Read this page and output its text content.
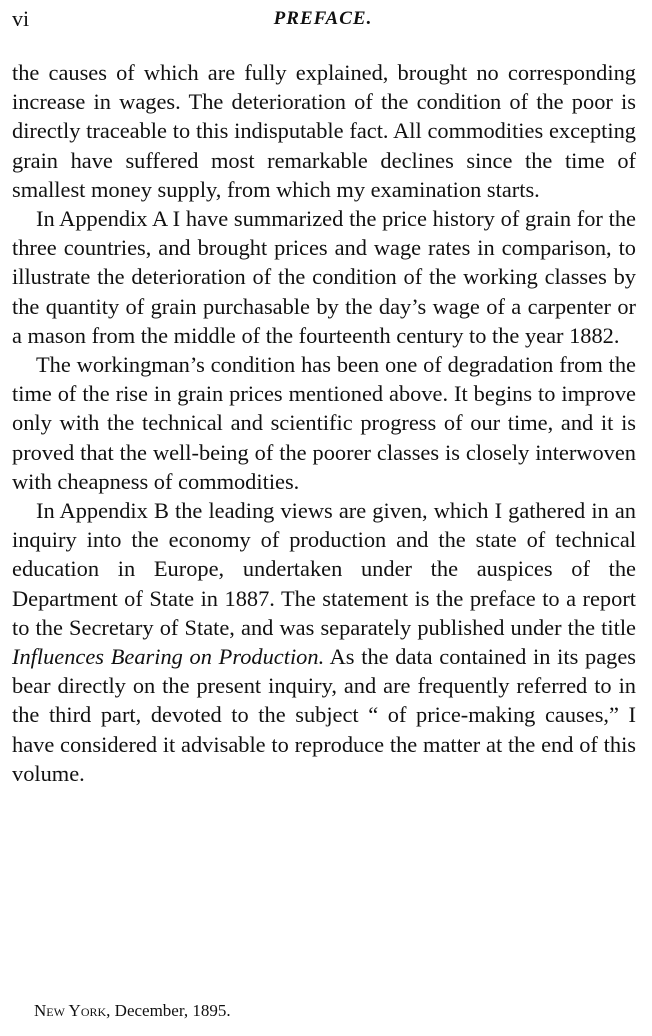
vi	PREFACE.

the causes of which are fully explained, brought no corresponding increase in wages. The deterioration of the condition of the poor is directly traceable to this indisputable fact. All commodities excepting grain have suffered most remarkable declines since the time of smallest money supply, from which my examination starts.

In Appendix A I have summarized the price history of grain for the three countries, and brought prices and wage rates in comparison, to illustrate the deterioration of the condition of the working classes by the quantity of grain purchasable by the day’s wage of a carpenter or a mason from the middle of the fourteenth century to the year 1882.

The workingman’s condition has been one of degradation from the time of the rise in grain prices mentioned above. It begins to improve only with the technical and scientific progress of our time, and it is proved that the well-being of the poorer classes is closely interwoven with cheapness of commodities.

In Appendix B the leading views are given, which I gathered in an inquiry into the economy of production and the state of technical education in Europe, undertaken under the auspices of the Department of State in 1887. The statement is the preface to a report to the Secretary of State, and was separately published under the title Influences Bearing on Production. As the data contained in its pages bear directly on the present inquiry, and are frequently referred to in the third part, devoted to the subject “ of price-making causes,” I have considered it advisable to reproduce the matter at the end of this volume.

New York, December, 1895.
